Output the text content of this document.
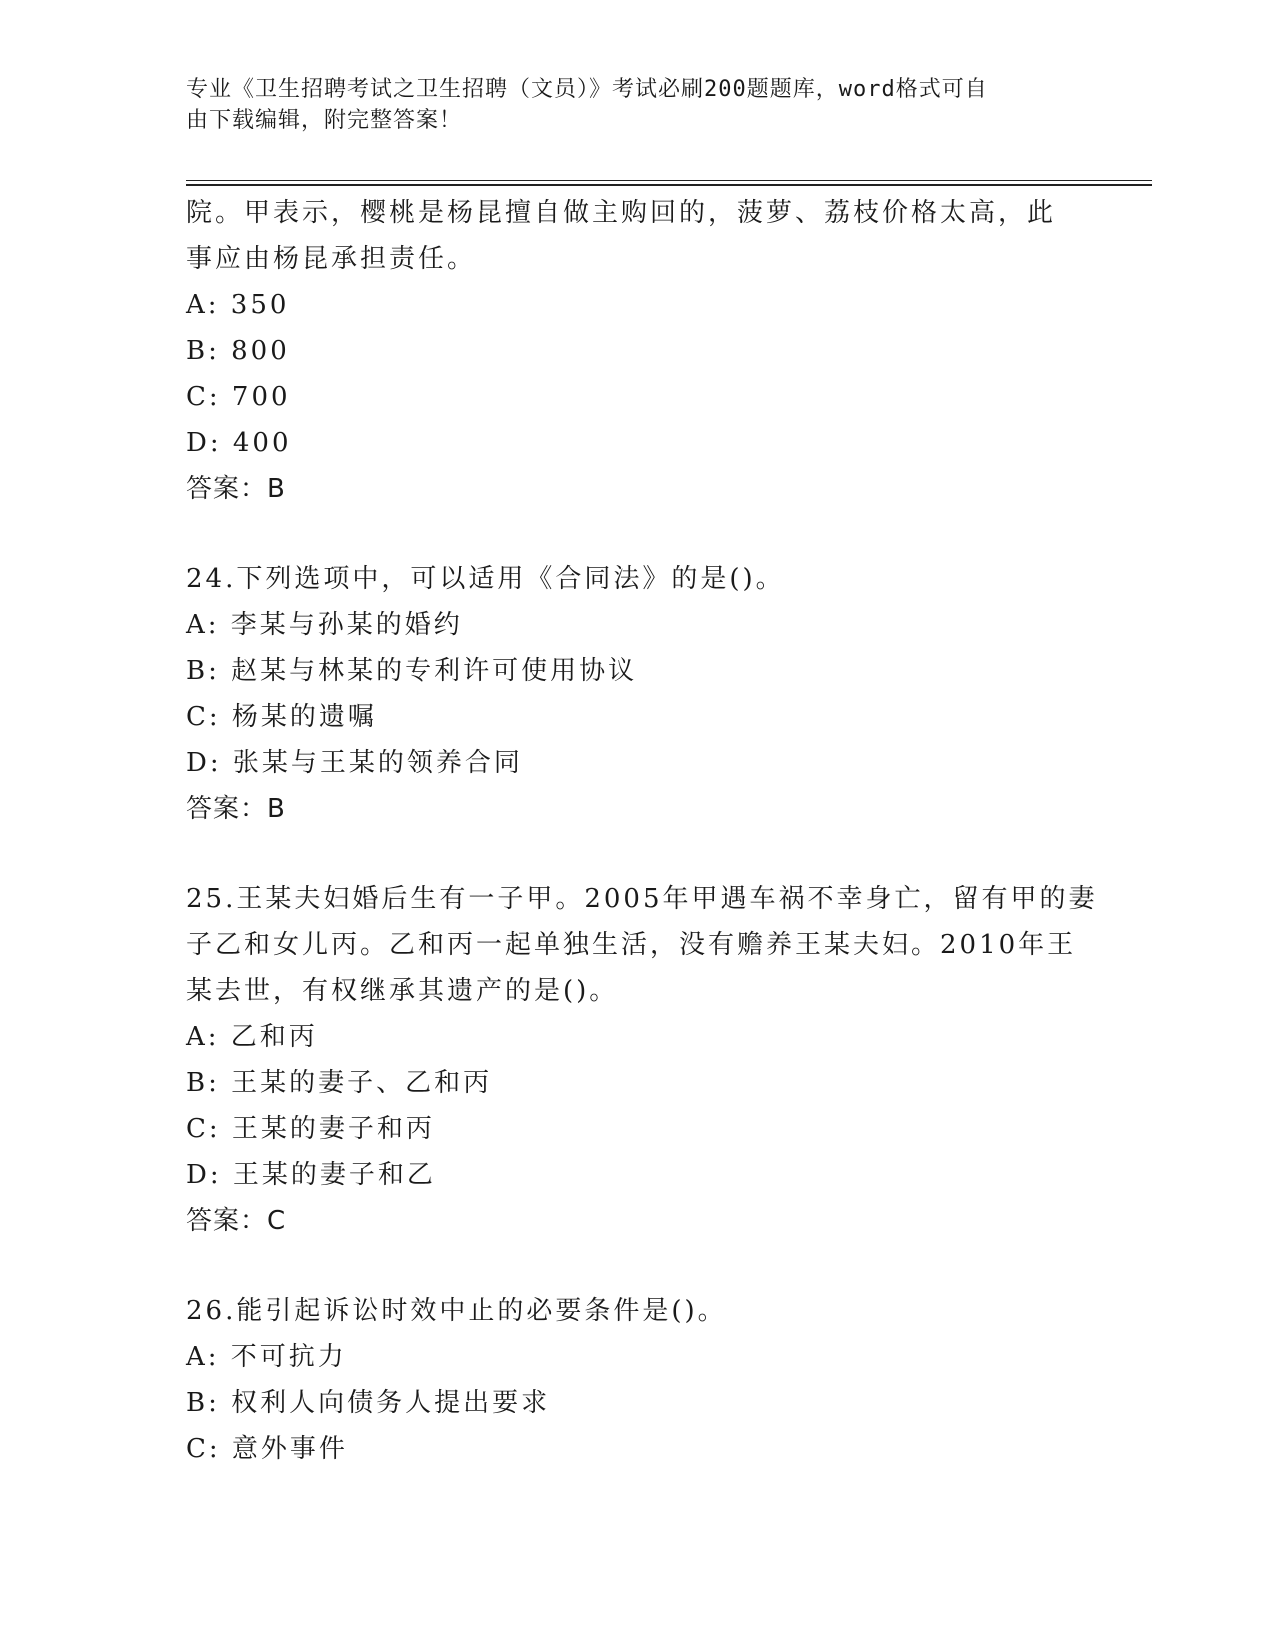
专业《卫生招聘考试之卫生招聘（文员）》考试必刷200题题库，word格式可自
由下载编辑，附完整答案！
院。甲表示，樱桃是杨昆擅自做主购回的，菠萝、荔枝价格太高，此
事应由杨昆承担责任。
A: 350
B: 800
C: 700
D: 400
答案：B
24.下列选项中，可以适用《合同法》的是()。
A: 李某与孙某的婚约
B: 赵某与林某的专利许可使用协议
C: 杨某的遗嘱
D: 张某与王某的领养合同
答案：B
25.王某夫妇婚后生有一子甲。2005年甲遇车祸不幸身亡，留有甲的妻
子乙和女儿丙。乙和丙一起单独生活，没有赡养王某夫妇。2010年王
某去世，有权继承其遗产的是()。
A: 乙和丙
B: 王某的妻子、乙和丙
C: 王某的妻子和丙
D: 王某的妻子和乙
答案：C
26.能引起诉讼时效中止的必要条件是()。
A: 不可抗力
B: 权利人向债务人提出要求
C: 意外事件
